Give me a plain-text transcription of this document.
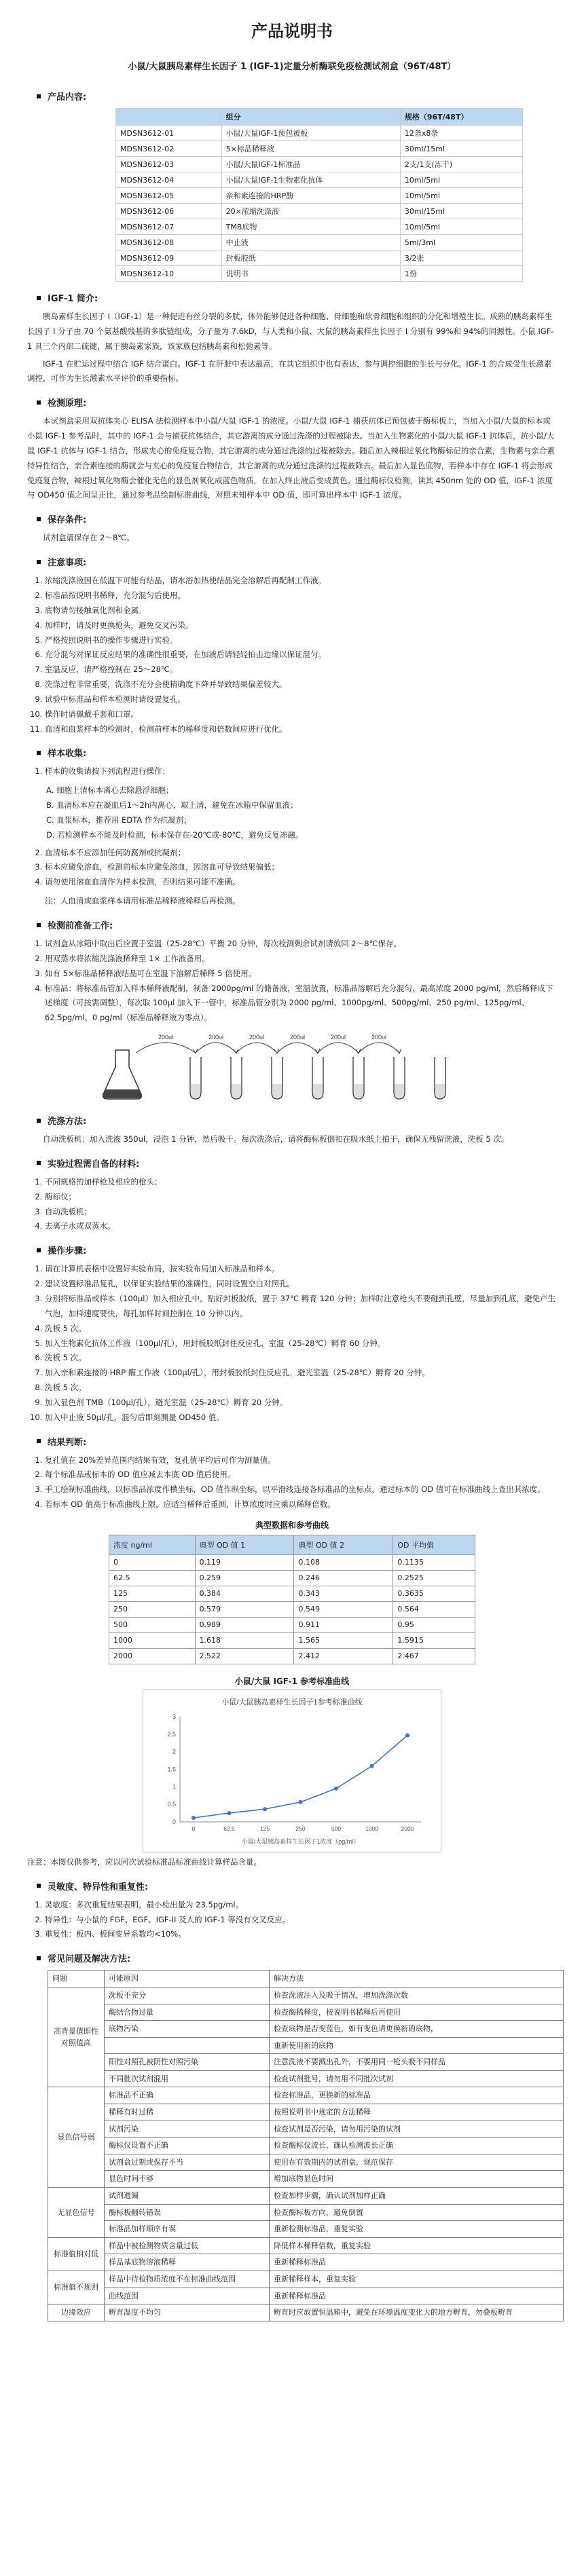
产品说明书
小鼠/大鼠胰岛素样生长因子 1 (IGF-1)定量分析酶联免疫检测试剂盒（96T/48T）
产品内容:
	组分	规格（96T/48T）
MDSN3612-01	小鼠/大鼠IGF-1预包被板	12条x8条
MDSN3612-02	5×标品稀释液	30ml/15ml
MDSN3612-03	小鼠/大鼠IGF-1标准品	2支/1支(冻干)
MDSN3612-04	小鼠/大鼠IGF-1生物素化抗体	10ml/5ml
MDSN3612-05	亲和素连接的HRP酶	10ml/5ml
MDSN3612-06	20×浓缩洗涤液	30ml/15ml
MDSN3612-07	TMB底物	10ml/5ml
MDSN3612-08	中止液	5ml/3ml
MDSN3612-09	封板胶纸	3/2张
MDSN3612-10	说明书	1份
IGF-1 简介:

胰岛素样生长因子 I（IGF-1）是一种促进有丝分裂的多肽，体外能够促进各种细胞、骨细胞和软骨细胞和组织的分化和增殖生长。成熟的胰岛素样生长因子 I 分子由 70 个氨基酸残基的多肽链组成，分子量为 7.6kD，与人类和小鼠、大鼠的胰岛素样生长因子 I 分别有 99%和 94%的同源性。小鼠 IGF-1 具三个内部二硫键，属于胰岛素家族，该家族包括胰岛素和松弛素等。

IGF-1 在贮运过程中结合 IGF 结合蛋白。IGF-1 在肝脏中表达最高，在其它组织中也有表达，参与调控细胞的生长与分化。IGF-1 的合成受生长激素调控，可作为生长激素水平评价的重要指标。

检测原理:

本试剂盒采用双抗体夹心 ELISA 法检测样本中小鼠/大鼠 IGF-1 的浓度。小鼠/大鼠 IGF-1 捕获抗体已预包被于酶标板上，当加入小鼠/大鼠的标本或小鼠 IGF-1 参考品时，其中的 IGF-1 会与捕获抗体结合，其它游离的成分通过洗涤的过程被除去。当加入生物素化的小鼠/大鼠 IGF-1 抗体后，抗小鼠/大鼠 IGF-1 抗体与 IGF-1 结合，形成夹心的免疫复合物，其它游离的成分通过洗涤的过程被除去。随后加入辣根过氧化物酶标记的亲合素，生物素与亲合素特异性结合，亲合素连接的酶就会与夹心的免疫复合物结合，其它游离的成分通过洗涤的过程被除去。最后加入显色底物，若样本中存在 IGF-1 将会形成免疫复合物，辣根过氧化物酶会催化无色的显色剂氧化成蓝色物质，在加入终止液后变成黄色。通过酶标仪检测，读其 450nm 处的 OD 值，IGF-1 浓度与 OD450 值之间呈正比，通过参考品绘制标准曲线，对照未知样本中 OD 值，即可算出样本中 IGF-1 浓度。

保存条件:

试剂盒请保存在 2～8℃。

注意事项:
1. 浓缩洗涤液因在低温下可能有结晶，请水浴加热使结晶完全溶解后再配制工作液。
2. 标准品按说明书稀释，充分混匀后使用。
3. 底物请勿接触氧化剂和金属。
4. 加样时，请及时更换枪头，避免交叉污染。
5. 严格按照说明书的操作步骤进行实验。
6. 充分混匀对保证反应结果的准确性很重要，在加液后请轻轻拍击边缘以保证混匀。
7. 室温反应，请严格控制在 25～28℃。
8. 洗涤过程非常重要，洗涤不充分会使精确度下降并导致结果偏差较大。
9. 试验中标准品和样本检测时请设置复孔。
10. 操作时请佩戴手套和口罩。
11. 血清和血浆样本的检测时，检测前样本的稀释度和倍数间应进行优化。
样本收集:
1. 样本的收集请按下列流程进行操作：
A. 细胞上清标本离心去除悬浮细胞；
B. 血清标本应在凝血后1～2h内离心，取上清，避免在冰箱中保留血液；
C. 血浆标本，推荐用 EDTA 作为抗凝剂；
D. 若检测样本不能及时检测，标本保存在-20℃或-80℃，避免反复冻融。
2. 血清标本不应添加任何防腐剂或抗凝剂；
3. 标本应避免溶血，检测前标本应避免溶血，因溶血可导致结果偏低；
4. 请勿使用溶血血清作为样本检测，否则结果可能不准确。
注：人血清或血浆样本请用标准品稀释液稀释后再检测。
检测前准备工作:
1. 试剂盒从冰箱中取出后应置于室温（25-28℃）平衡 20 分钟，每次检测剩余试剂请放回 2～8℃保存。
2. 用双蒸水将浓缩洗涤液稀释至 1× 工作液备用。
3. 如有 5×标准品稀释液结晶可在室温下溶解后稀释 5 倍使用。
4. 标准品：将标准品管加入样本稀释液配制，制备 2000pg/ml 的储备液，室温放置，标准品溶解后充分混匀，最高浓度 2000 pg/ml，然后稀释成下述梯度（可按需调整），每次取 100μl 加入下一管中，标准品管分别为 2000 pg/ml、1000pg/ml、500pg/ml、250 pg/ml、125pg/ml、62.5pg/ml、0 pg/ml（标准品稀释液为零点）。
200ul	200ul	200ul	200ul	200ul	200ul
洗涤方法:

自动洗板机：加入洗液 350ul，浸泡 1 分钟，然后吸干。每次洗涤后，请将酶标板倒扣在吸水纸上拍干，确保无残留洗液，洗板 5 次。

实验过程需自备的材料:
1. 不同规格的加样枪及相应的枪头；
2. 酶标仪；
3. 自动洗板机；
4. 去离子水或双蒸水。
操作步骤:
1. 请在计算机表格中设置好实验布局，按实验布局加入标准品和样本。
2. 建议设置标准品复孔，以保证实验结果的准确性，同时设置空白对照孔。
3. 分别将标准品或样本（100μl）加入相应孔中，贴好封板胶纸，置于 37℃ 孵育 120 分钟；加样时注意枪头不要碰到孔壁，尽量加到孔底，避免产生气泡，加样速度要快，每孔加样时间控制在 10 分钟以内。
4. 洗板 5 次。
5. 加入生物素化抗体工作液（100μl/孔），用封板胶纸封住反应孔，室温（25-28℃）孵育 60 分钟。
6. 洗板 5 次。
7. 加入亲和素连接的 HRP 酶工作液（100μl/孔），用封板胶纸封住反应孔，避光室温（25-28℃）孵育 20 分钟。
8. 洗板 5 次。
9. 加入显色剂 TMB（100μl/孔），避光室温（25-28℃）孵育 20 分钟。
10. 加入中止液 50μl/孔，混匀后即刻测量 OD450 值。
结果判断:
1. 复孔值在 20%差异范围内结果有效，复孔值平均后可作为测量值。
2. 每个标准品或标本的 OD 值应减去本底 OD 值后使用。
3. 手工绘制标准曲线，以标准品浓度作横坐标，OD 值作纵坐标，以平滑线连接各标准品的坐标点，通过标本的 OD 值可在标准曲线上查出其浓度。
4. 若标本 OD 值高于标准曲线上限，应适当稀释后重测，计算浓度时应乘以稀释倍数。
典型数据和参考曲线
浓度 ng/ml	典型 OD 值 1	典型 OD 值 2	OD 平均值
0	0.119	0.108	0.1135
62.5	0.259	0.246	0.2525
125	0.384	0.343	0.3635
250	0.579	0.549	0.564
500	0.989	0.911	0.95
1000	1.618	1.565	1.5915
2000	2.522	2.412	2.467
小鼠/大鼠 IGF-1 参考标准曲线
小鼠/大鼠胰岛素样生长因子1参考标准曲线
0
0.5
1
1.5
2
2.5
3
0	62.5	125	250	500	1000	2000
小鼠/大鼠胰岛素样生长因子1浓度（pg/ml）

注意：本图仅供参考，应以同次试验标准品标准曲线计算样品含量。

灵敏度、特异性和重复性:
1. 灵敏度：多次重复结果表明，最小检出量为 23.5pg/ml。
2. 特异性：与小鼠的 FGF、EGF、IGF-II 及人的 IGF-1 等没有交叉反应。
3. 重复性：板内、板间变异系数均<10%。
常见问题及解决方法:
问题	可能原因	解决方法
高背景值即性对照值高	洗板不充分	检查洗液注入及吸干情况，增加洗涤次数
	酶结合物过量	检查酶稀释度，按说明书稀释后再使用
	底物污染	检查底物是否变蓝色，如有变色请更换新的底物，
		重新使用新的底物
	阳性对照孔被阴性对照污染	注意洗液不要溅出孔外，不要用同一枪头吸不同样品
	不同批次试剂混用	检查试剂批号，请勿用不同批次试剂
显色信号弱	标准品不正确	检查标准品，更换新的标准品
	稀释有时过稀	按照说明书中规定的方法稀释
	试剂污染	检查试剂是否污染，请勿用污染的试剂
	酶标仪设置不正确	检查酶标仪波长，确认检测波长正确
	试剂盒过期或保存不当	使用在有效期内的试剂盒，规范保存
	显色时间不够	增加底物显色时间
无显色信号	试剂遗漏	检查加样步骤，确认试剂加样正确
	酶标板翻转错误	检查酶标板方向，避免倒置
	标准品加样顺序有误	重新检测标准品，重复实验
标准值相对低	样品中被检测物质含量过低	降低样本稀释倍数，重复实验
	样品基底物溶液稀释	重新稀释标准品
标准值不规则	样品中待检物质浓度不在标准曲线范围	重新稀释样本，重复实验
	曲线范围	重新稀释标准品
边缘效应	孵育温度不均匀	孵育时应放置恒温箱中，避免在环境温度变化大的地方孵育，勿叠板孵育
